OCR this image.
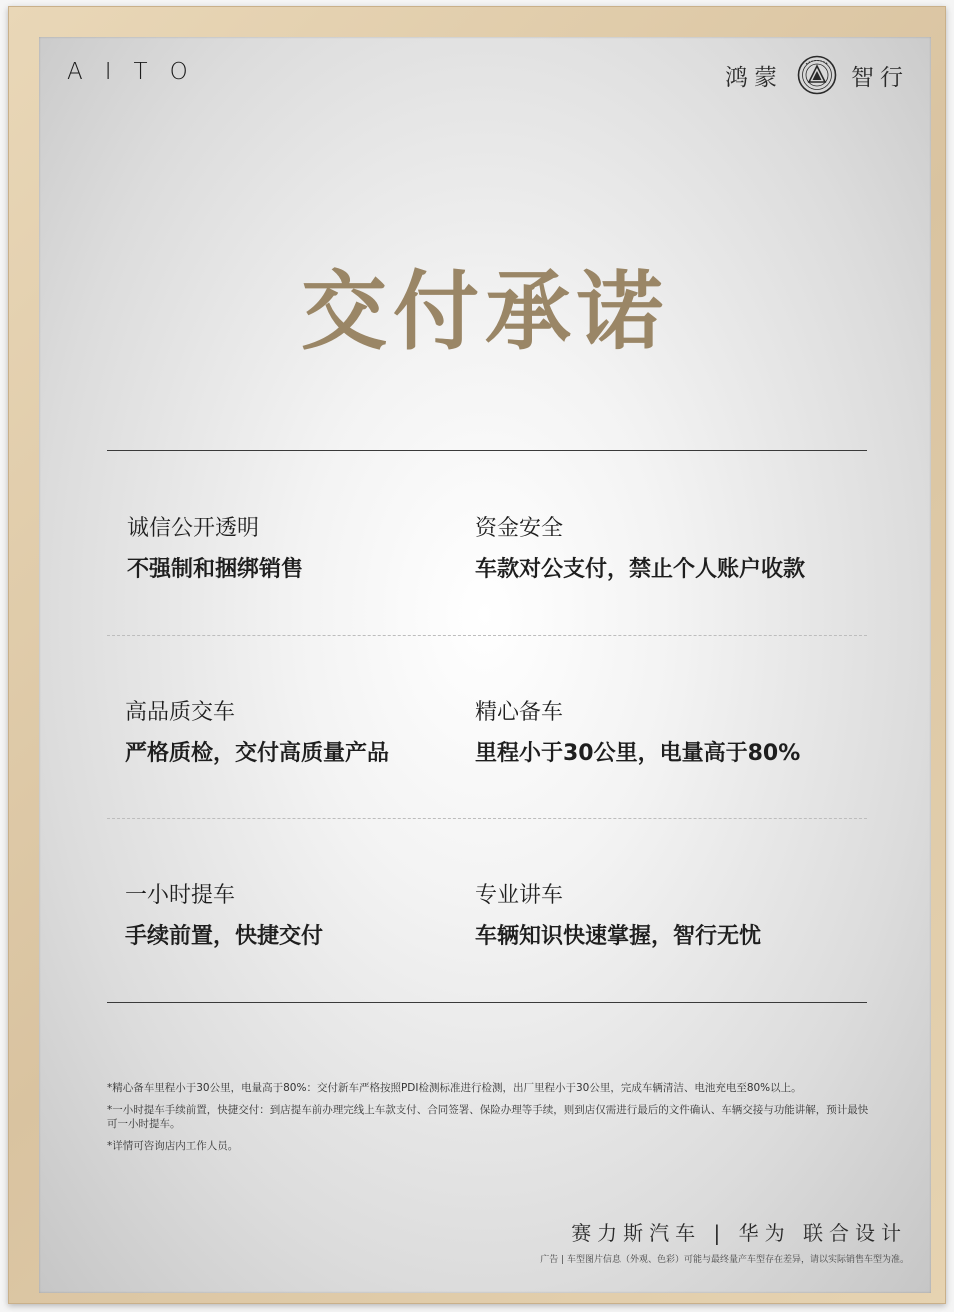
AITO	鸿蒙	智行
交付承诺

诚信公开透明

不强制和捆绑销售

资金安全

车款对公支付，禁止个人账户收款

高品质交车

严格质检，交付高质量产品

精心备车

里程小于30公里，电量高于80%

一小时提车

手续前置，快捷交付

专业讲车

车辆知识快速掌握，智行无忧

*精心备车里程小于30公里，电量高于80%：交付新车严格按照PDI检测标准进行检测，出厂里程小于30公里，完成车辆清洁、电池充电至80%以上。

*一小时提车手续前置，快捷交付：到店提车前办理完线上车款支付、合同签署、保险办理等手续，则到店仅需进行最后的文件确认、车辆交接与功能讲解，预计最快可一小时提车。

*详情可咨询店内工作人员。

赛力斯汽车 | 华为 联合设计

广告 | 车型图片信息（外观、色彩）可能与最终量产车型存在差异，请以实际销售车型为准。
